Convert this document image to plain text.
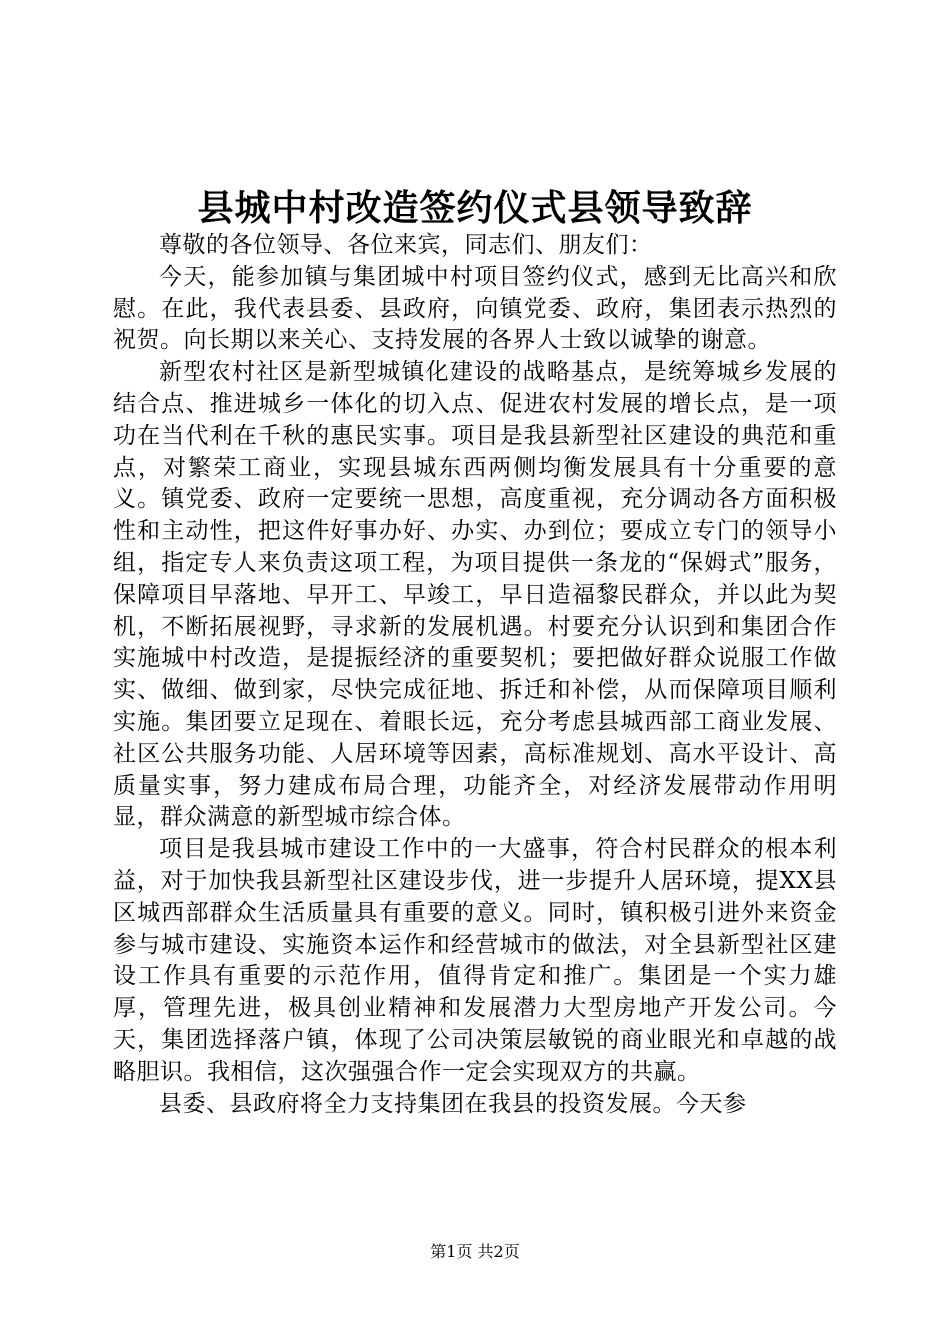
县城中村改造签约仪式县领导致辞

尊敬的各位领导、各位来宾，同志们、朋友们：

今天，能参加镇与集团城中村项目签约仪式，感到无比高兴和欣慰。在此，我代表县委、县政府，向镇党委、政府，集团表示热烈的祝贺。向长期以来关心、支持发展的各界人士致以诚挚的谢意。

新型农村社区是新型城镇化建设的战略基点，是统筹城乡发展的结合点、推进城乡一体化的切入点、促进农村发展的增长点，是一项功在当代利在千秋的惠民实事。项目是我县新型社区建设的典范和重点，对繁荣工商业，实现县城东西两侧均衡发展具有十分重要的意义。镇党委、政府一定要统一思想，高度重视，充分调动各方面积极性和主动性，把这件好事办好、办实、办到位；要成立专门的领导小组，指定专人来负责这项工程，为项目提供一条龙的“保姆式”服务，保障项目早落地、早开工、早竣工，早日造福黎民群众，并以此为契机，不断拓展视野，寻求新的发展机遇。村要充分认识到和集团合作实施城中村改造，是提振经济的重要契机；要把做好群众说服工作做实、做细、做到家，尽快完成征地、拆迁和补偿，从而保障项目顺利实施。集团要立足现在、着眼长远，充分考虑县城西部工商业发展、社区公共服务功能、人居环境等因素，高标准规划、高水平设计、高质量实事，努力建成布局合理，功能齐全，对经济发展带动作用明显，群众满意的新型城市综合体。

项目是我县城市建设工作中的一大盛事，符合村民群众的根本利益，对于加快我县新型社区建设步伐，进一步提升人居环境，提XX县区城西部群众生活质量具有重要的意义。同时，镇积极引进外来资金参与城市建设、实施资本运作和经营城市的做法，对全县新型社区建设工作具有重要的示范作用，值得肯定和推广。集团是一个实力雄厚，管理先进，极具创业精神和发展潜力大型房地产开发公司。今天，集团选择落户镇，体现了公司决策层敏锐的商业眼光和卓越的战略胆识。我相信，这次强强合作一定会实现双方的共赢。

县委、县政府将全力支持集团在我县的投资发展。今天参

第1页 共2页
